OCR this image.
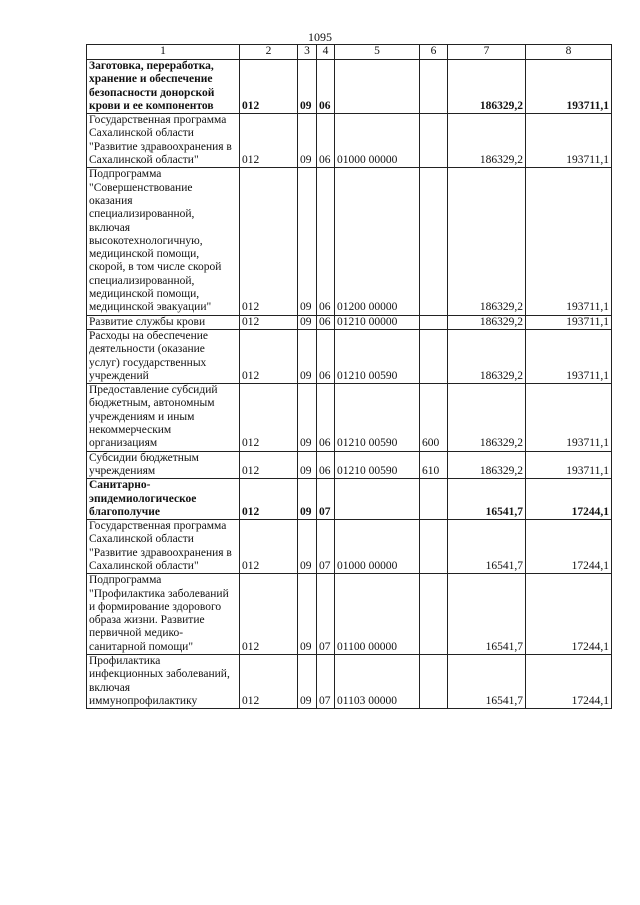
1095
1	2	3	4	5	6	7	8
Заготовка, переработка, хранение и обеспечение безопасности донорской крови и ее компонентов	012	09	06			186329,2	193711,1
Государственная программа Сахалинской области "Развитие здравоохранения в Сахалинской области"	012	09	06	01000 00000		186329,2	193711,1
Подпрограмма "Совершенствование оказания специализированной, включая высокотехнологичную, медицинской помощи, скорой, в том числе скорой специализированной, медицинской помощи, медицинской эвакуации"	012	09	06	01200 00000		186329,2	193711,1
Развитие службы крови	012	09	06	01210 00000		186329,2	193711,1
Расходы на обеспечение деятельности (оказание услуг) государственных учреждений	012	09	06	01210 00590		186329,2	193711,1
Предоставление субсидий бюджетным, автономным учреждениям и иным некоммерческим организациям	012	09	06	01210 00590	600	186329,2	193711,1
Субсидии бюджетным учреждениям	012	09	06	01210 00590	610	186329,2	193711,1
Санитарно-эпидемиологическое благополучие	012	09	07			16541,7	17244,1
Государственная программа Сахалинской области "Развитие здравоохранения в Сахалинской области"	012	09	07	01000 00000		16541,7	17244,1
Подпрограмма "Профилактика заболеваний и формирование здорового образа жизни. Развитие первичной медико-санитарной помощи"	012	09	07	01100 00000		16541,7	17244,1
Профилактика инфекционных заболеваний, включая иммунопрофилактику	012	09	07	01103 00000		16541,7	17244,1
